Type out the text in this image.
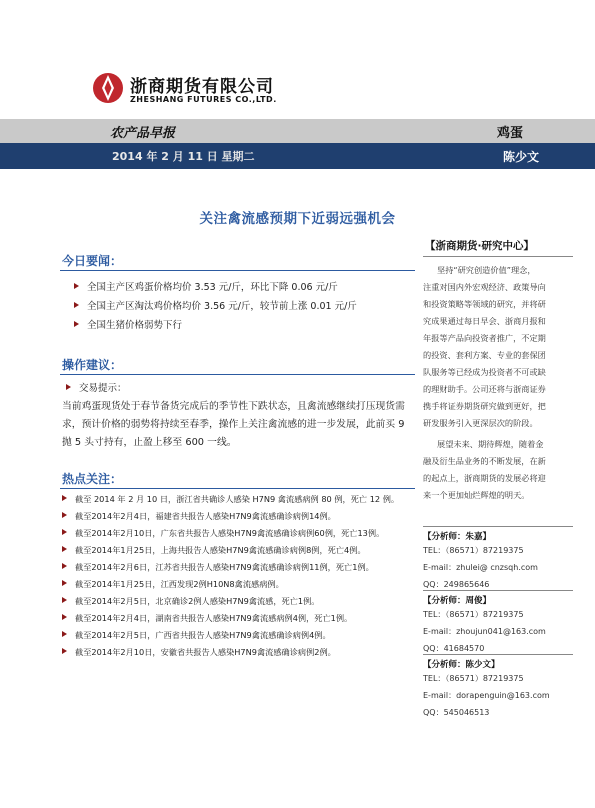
浙商期货有限公司
ZHESHANG FUTURES CO.,LTD.
农产品早报	鸡蛋
2014 年 2 月 11 日 星期二	陈少文
关注禽流感预期下近弱远强机会
今日要闻：
全国主产区鸡蛋价格均价 3.53 元/斤，环比下降 0.06 元/斤
全国主产区淘汰鸡价格均价 3.56 元/斤，较节前上涨 0.01 元/斤
全国生猪价格弱势下行
操作建议：
交易提示：
当前鸡蛋现货处于春节备货完成后的季节性下跌状态，且禽流感继续打压现货需
求，预计价格的弱势将持续至春季，操作上关注禽流感的进一步发展，此前买 9
抛 5 头寸持有，止盈上移至 600 一线。
热点关注：
截至 2014 年 2 月 10 日，浙江省共确诊人感染 H7N9 禽流感病例 80 例，死亡 12 例。
截至2014年2月4日，福建省共报告人感染H7N9禽流感确诊病例14例。
截至2014年2月10日，广东省共报告人感染H7N9禽流感确诊病例60例，死亡13例。
截至2014年1月25日，上海共报告人感染H7N9禽流感确诊病例8例，死亡4例。
截至2014年2月6日，江苏省共报告人感染H7N9禽流感确诊病例11例，死亡1例。
截至2014年1月25日，江西发现2例H10N8禽流感病例。
截至2014年2月5日，北京确诊2例人感染H7N9禽流感，死亡1例。
截至2014年2月4日，湖南省共报告人感染H7N9禽流感病例4例，死亡1例。
截至2014年2月5日，广西省共报告人感染H7N9禽流感确诊病例4例。
截至2014年2月10日，安徽省共报告人感染H7N9禽流感确诊病例2例。
【浙商期货·研究中心】
坚持“研究创造价值”理念，
注重对国内外宏观经济、政策导向
和投资策略等领域的研究，并将研
究成果通过每日早会、浙商月报和
年报等产品向投资者推广，不定期
的投资、套利方案、专业的套保团
队服务等已经成为投资者不可或缺
的理财助手。公司还将与浙商证券
携手将证券期货研究做到更好，把
研发服务引入更深层次的阶段。
展望未来、期待辉煌，随着金
融及衍生品业务的不断发展，在新
的起点上，浙商期货的发展必将迎
来一个更加灿烂辉煌的明天。
【分析师：朱嘉】
TEL：（86571）87219375
E-mail：zhulei@ cnzsqh.com
QQ：249865646
【分析师：周俊】
TEL：（86571）87219375
E-mail：zhoujun041@163.com
QQ：41684570
【分析师：陈少文】
TEL：（86571）87219375
E-mail：dorapenguin@163.com
QQ：545046513
